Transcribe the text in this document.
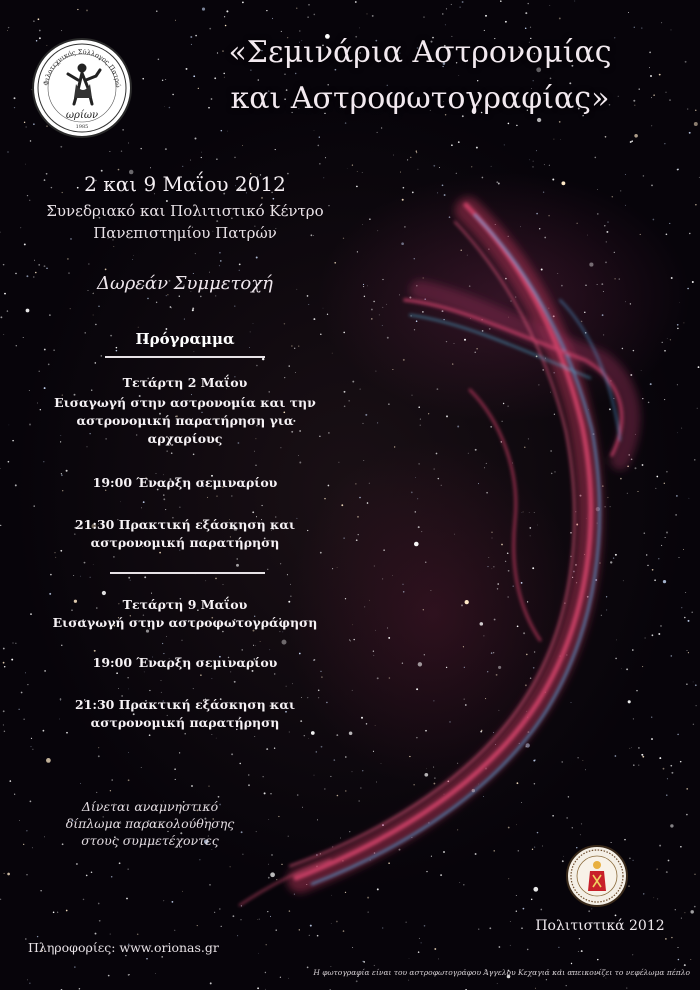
Φιλοτεχνικός Σύλλογος Πατρώ
ωρίων
1985
«Σεμινάρια Αστρονομίας
και Αστροφωτογραφίας»
2 και 9 Μαΐου 2012
Συνεδριακό και Πολιτιστικό Κέντρο
Πανεπιστημίου Πατρών
Δωρεάν Συμμετοχή
Πρόγραμμα
Τετάρτη 2 Μαΐου
Εισαγωγή στην αστρονομία και την
αστρονομική παρατήρηση για
αρχαρίους
19:00 Έναρξη σεμιναρίου
21:30 Πρακτική εξάσκηση και
αστρονομική παρατήρηση
Τετάρτη 9 Μαΐου
Εισαγωγή στην αστροφωτογράφηση
19:00 Έναρξη σεμιναρίου
21:30 Πρακτική εξάσκηση και
αστρονομική παρατήρηση
Δίνεται αναμνηστικό
δίπλωμα παρακολούθησης
στους συμμετέχοντες
Πολιτιστικά 2012
Πληροφορίες: www.orionas.gr
Η φωτογραφία είναι του αστροφωτογράφου Άγγελου Κεχαγιά και απεικονίζει το νεφέλωμα πέπλο
